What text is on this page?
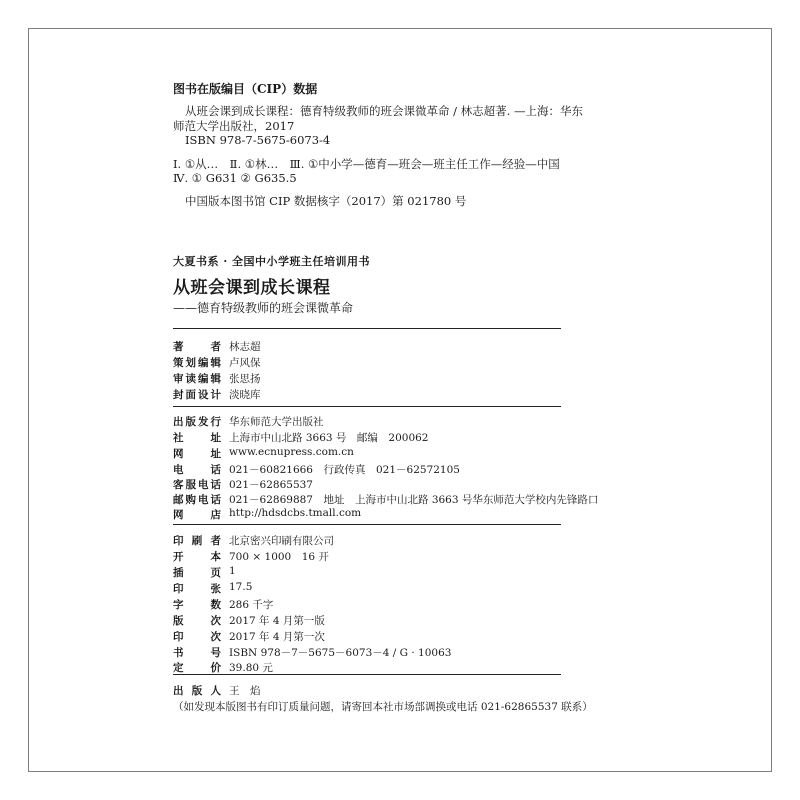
图书在版编目（CIP）数据
从班会课到成长课程：德育特级教师的班会课微革命 / 林志超著. —上海：华东
师范大学出版社，2017
ISBN 978-7-5675-6073-4
Ⅰ. ①从…　Ⅱ. ①林…　Ⅲ. ①中小学—德育—班会—班主任工作—经验—中国
Ⅳ. ① G631 ② G635.5
中国版本图书馆 CIP 数据核字（2017）第 021780 号
大夏书系 · 全国中小学班主任培训用书
从班会课到成长课程
——德育特级教师的班会课微革命
著	者 林志超
策 划 编 辑 卢风保
审 读 编 辑 张思扬
封 面 设 计 淡晓库
出 版 发 行 华东师范大学出版社
社	址 上海市中山北路 3663 号　邮编　200062
网	址 www.ecnupress.com.cn
电	话 021－60821666　行政传真　021－62572105
客 服 电 话 021－62865537
邮 购 电 话 021－62869887　地址　上海市中山北路 3663 号华东师范大学校内先锋路口
网	店 http://hdsdcbs.tmall.com
印 刷 者 北京密兴印刷有限公司
开	本 700 × 1000　16 开
插	页 1
印	张 17.5
字	数 286 千字
版	次 2017 年 4 月第一版
印	次 2017 年 4 月第一次
书	号 ISBN 978－7－5675－6073－4 / G · 10063
定	价 39.80 元
出 版 人 王　焰
（如发现本版图书有印订质量问题，请寄回本社市场部调换或电话 021-62865537 联系）
